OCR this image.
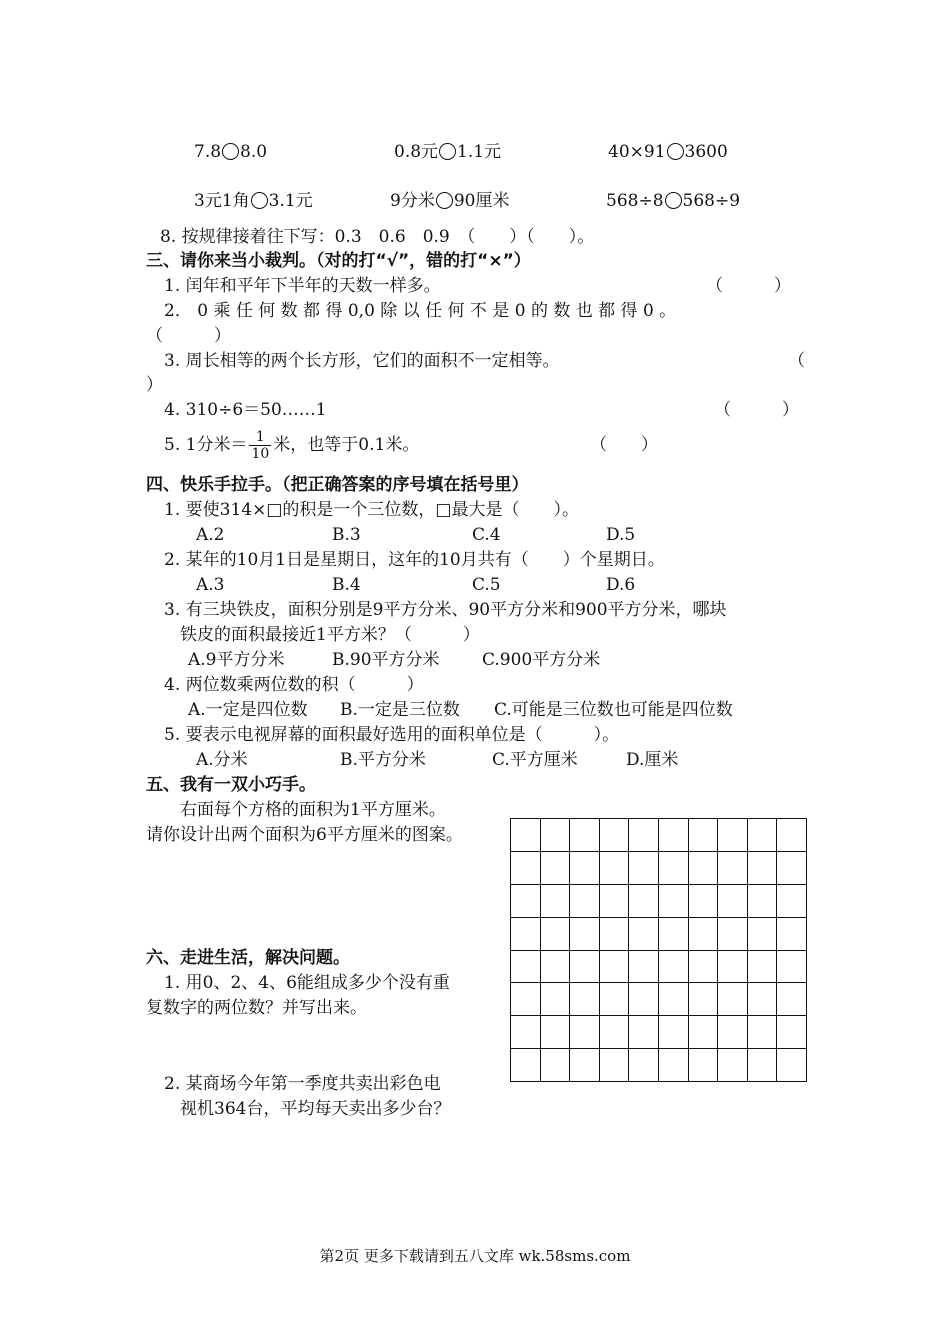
7.8 8.0	0.8元 1.1元	40×91 3600
3元1角 3.1元	9分米 90厘米	568÷8 568÷9
8. 按规律接着往下写：0.3　0.6　0.9　（　　）（　　）。
三、请你来当小裁判。（对的打“√”，错的打“×”）
1. 闰年和平年下半年的天数一样多。	（　　　）
2． 0 乘 任 何 数 都 得 0,0 除 以 任 何 不 是 0 的 数 也 都 得 0 。
（　　　）
3. 周长相等的两个长方形，它们的面积不一定相等。	（
）
4. 310÷6＝50……1	（　　　）
5. 1分米＝ $\frac{1}{10}$ 米，也等于0.1米。	（　　）
四、快乐手拉手。（把正确答案的序号填在括号里）
1. 要使314×□的积是一个三位数，□最大是（　　）。
A.2	B.3	C.4	D.5
2. 某年的10月1日是星期日，这年的10月共有（　　）个星期日。
A.3	B.4	C.5	D.6
3. 有三块铁皮，面积分别是9平方分米、90平方分米和900平方分米，哪块
铁皮的面积最接近1平方米？（　　　）
A.9平方分米	B.90平方分米 C.900平方分米
4. 两位数乘两位数的积（　　　）
A.一定是四位数 B.一定是三位数 C.可能是三位数也可能是四位数
5. 要表示电视屏幕的面积最好选用的面积单位是（　　　）。
A.分米	B.平方分米	C.平方厘米	D.厘米
五、我有一双小巧手。
右面每个方格的面积为1平方厘米。
请你设计出两个面积为6平方厘米的图案。
六、走进生活，解决问题。
1. 用0、2、4、6能组成多少个没有重
复数字的两位数？并写出来。
2. 某商场今年第一季度共卖出彩色电
视机364台，平均每天卖出多少台？
第2页 更多下载请到五八文库 wk.58sms.com
